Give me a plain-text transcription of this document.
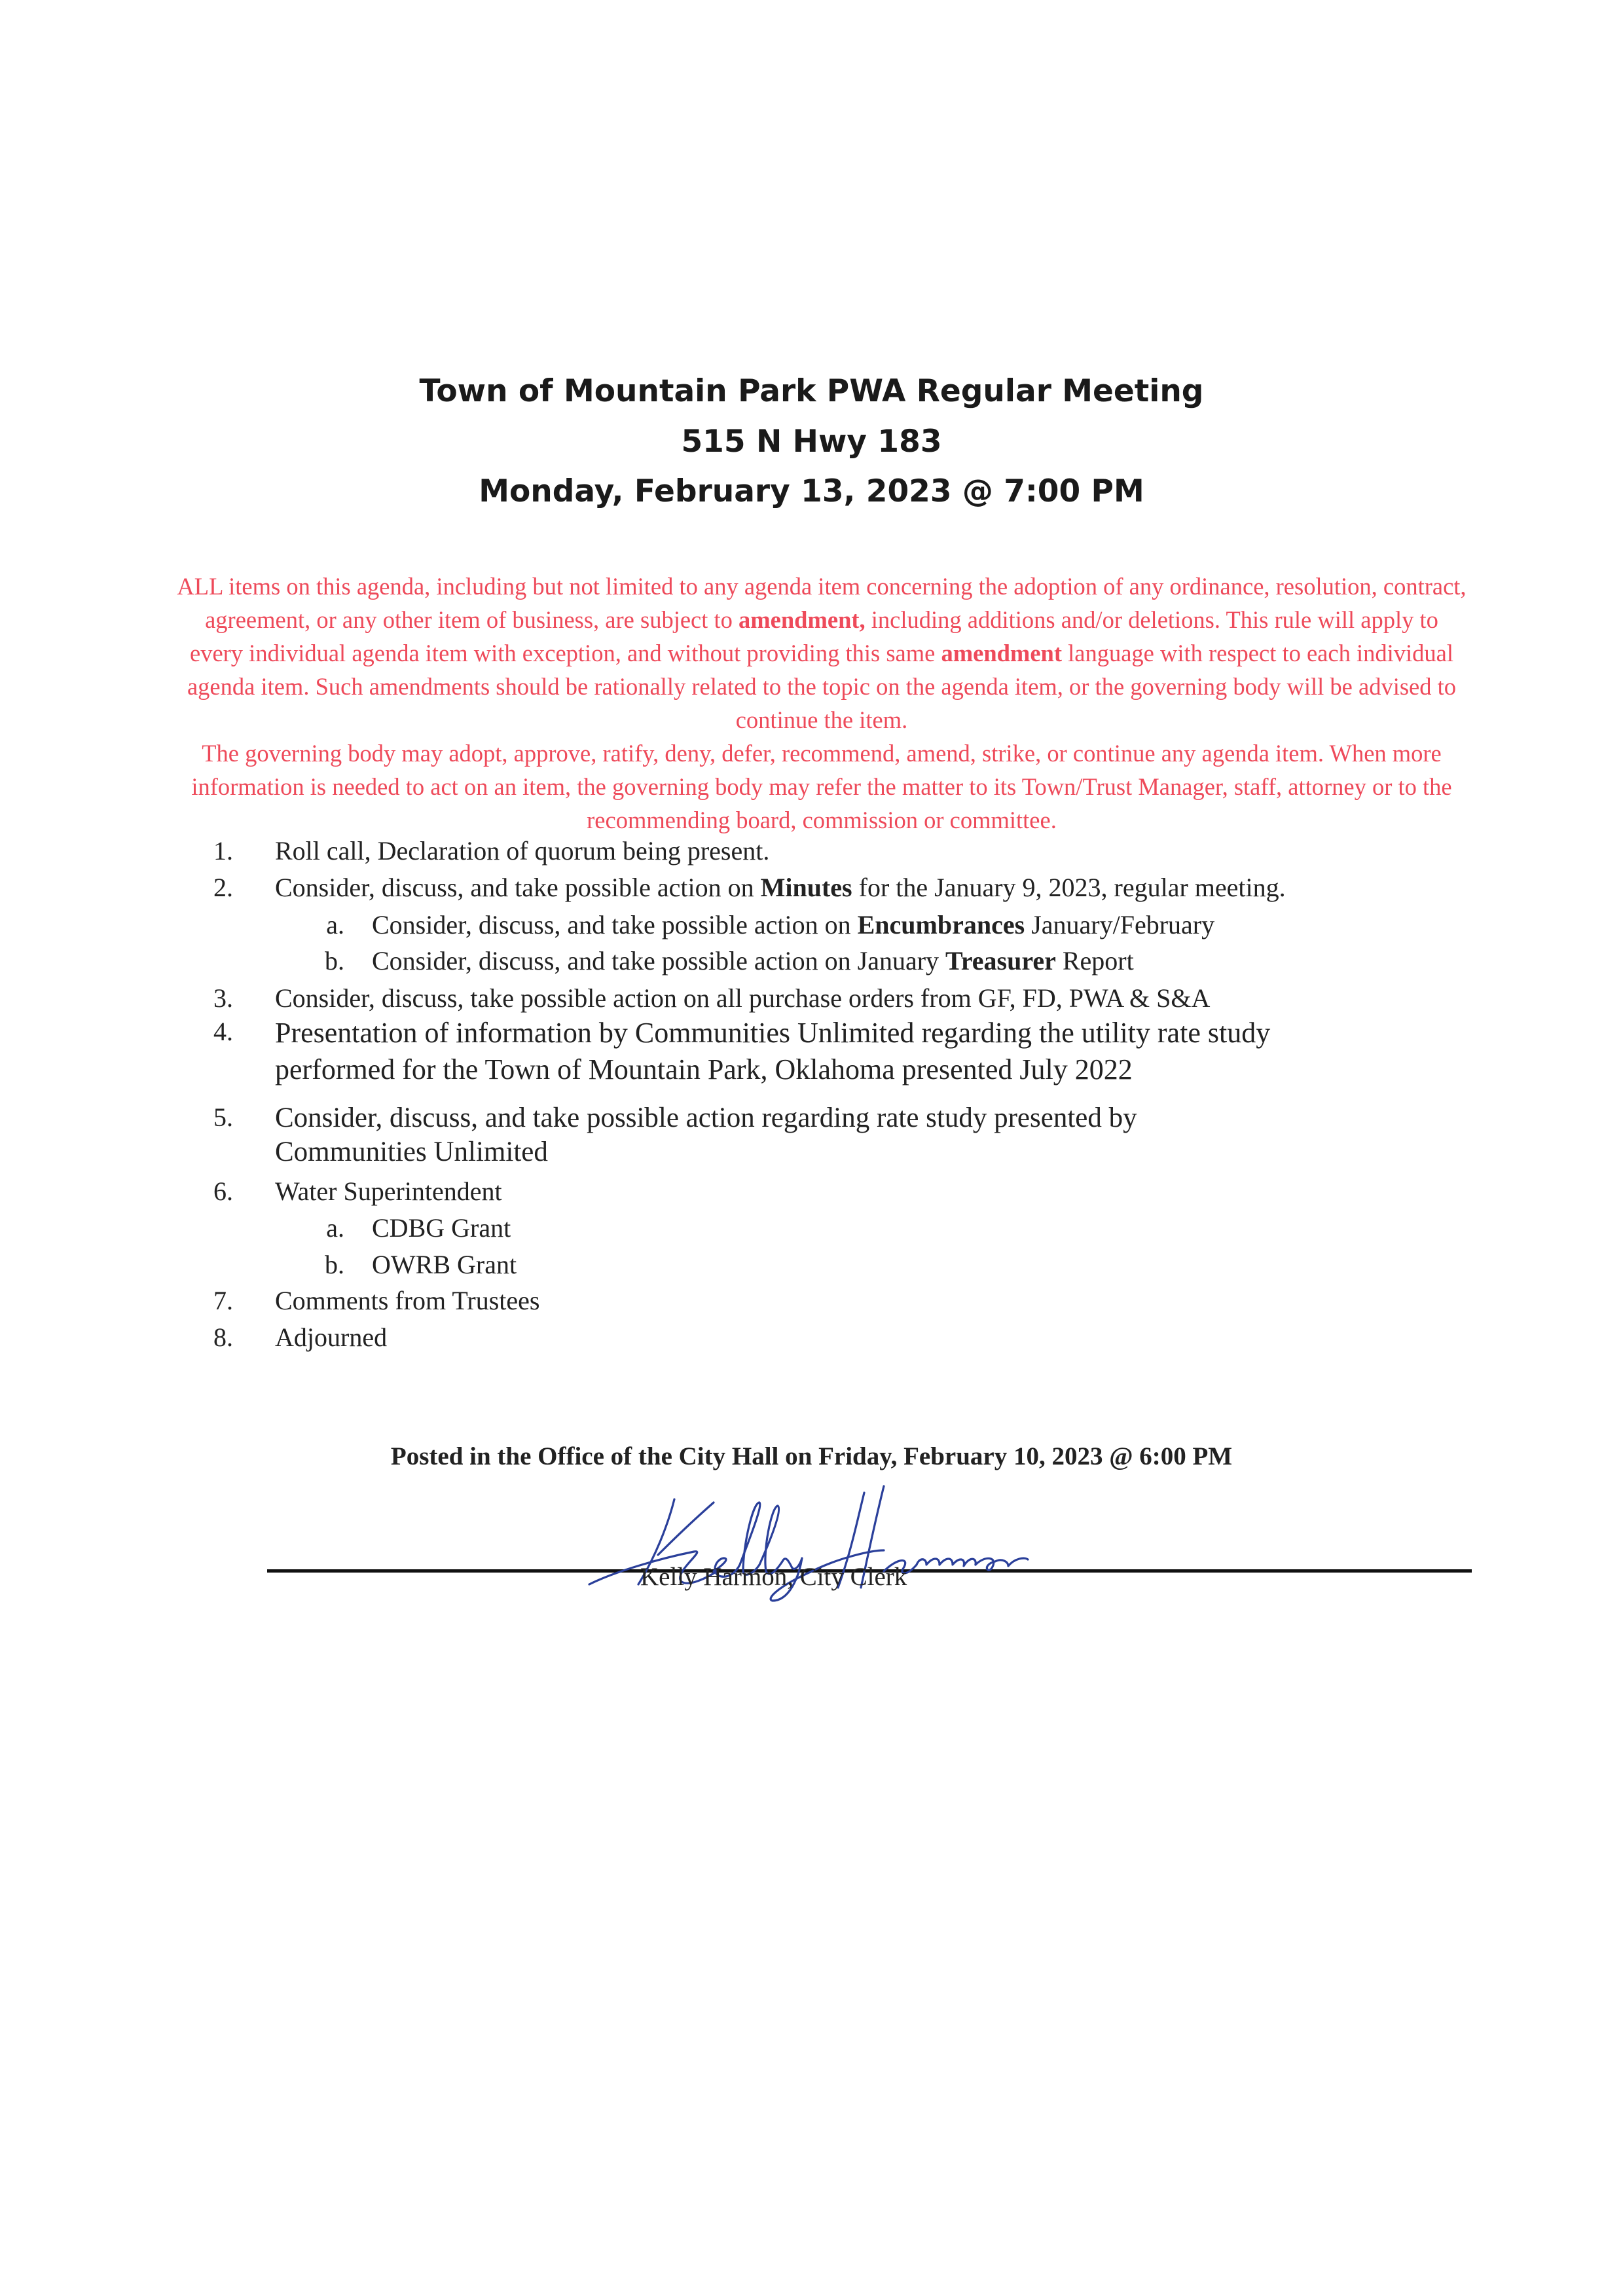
Town of Mountain Park PWA Regular Meeting
515 N Hwy 183
Monday, February 13, 2023 @ 7:00 PM

ALL items on this agenda, including but not limited to any agenda item concerning the adoption of any ordinance, resolution, contract, agreement, or any other item of business, are subject to amendment, including additions and/or deletions. This rule will apply to every individual agenda item with exception, and without providing this same amendment language with respect to each individual agenda item. Such amendments should be rationally related to the topic on the agenda item, or the governing body will be advised to continue the item.

The governing body may adopt, approve, ratify, deny, defer, recommend, amend, strike, or continue any agenda item. When more information is needed to act on an item, the governing body may refer the matter to its Town/Trust Manager, staff, attorney or to the recommending board, commission or committee.

1. Roll call, Declaration of quorum being present.
2. Consider, discuss, and take possible action on Minutes for the January 9, 2023, regular meeting.
a. Consider, discuss, and take possible action on Encumbrances January/February
b. Consider, discuss, and take possible action on January Treasurer Report
3. Consider, discuss, take possible action on all purchase orders from GF, FD, PWA & S&A
4. Presentation of information by Communities Unlimited regarding the utility rate study
performed for the Town of Mountain Park, Oklahoma presented July 2022
5. Consider, discuss, and take possible action regarding rate study presented by
Communities Unlimited
6. Water Superintendent
a. CDBG Grant
b. OWRB Grant
7. Comments from Trustees
8. Adjourned
Posted in the Office of the City Hall on Friday, February 10, 2023 @ 6:00 PM
Kelly Harmon, City Clerk
